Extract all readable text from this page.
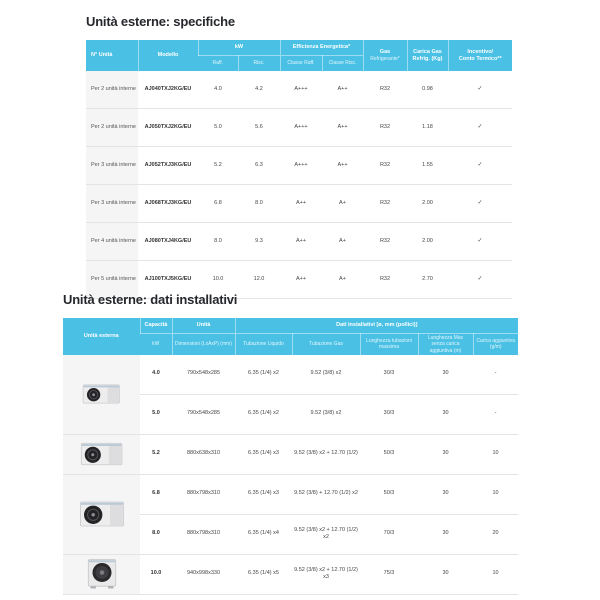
Unità esterne: specifiche
N° Unità	Modello	kW	Efficienza Energetica*	
Gas
Refrigerante*

Carica Gas
Refrig. (Kg)

Incentivo/
Conto Termico**

		Raff.	Risc.	Classe Raff.	Classe Risc.			
Per 2 unità interne	AJ040TXJ2KG/EU	4.0	4.2	A+++	A++	R32	0.98	✓
Per 2 unità interne	AJ050TXJ2KG/EU	5.0	5.6	A+++	A++	R32	1.18	✓
Per 3 unità interne	AJ052TXJ3KG/EU	5.2	6.3	A+++	A++	R32	1.55	✓
Per 3 unità interne	AJ068TXJ3KG/EU	6.8	8.0	A++	A+	R32	2.00	✓
Per 4 unità interne	AJ080TXJ4KG/EU	8.0	9.3	A++	A+	R32	2.00	✓
Per 5 unità interne	AJ100TXJ5KG/EU	10.0	12.0	A++	A+	R32	2.70	✓
Unità esterne: dati installativi
Unità esterna	Capacità	Unità	Dati installativi [ø, mm (pollici)]				
	kW	Dimensioni (LxAxP) (mm)	Tubazione Liquido	Tubazione Gas	Lunghezza tubazioni massima	Lunghezza Max senza carica aggiuntiva (m)	Carica aggiuntiva (g/m)

	4.0	790x548x285	6.35 (1/4) x2	9.52 (3/8) x2	30/3	30	-
	5.0	790x548x285	6.35 (1/4) x2	9.52 (3/8) x2	30/3	30	-

	5.2	880x638x310	6.35 (1/4) x3	9.52 (3/8) x2 + 12.70 (1/2)	50/3	30	10

	6.8	880x798x310	6.35 (1/4) x3	9.52 (3/8) + 12.70 (1/2) x2	50/3	30	10
	8.0	880x798x310	6.35 (1/4) x4	9.52 (3/8) x2 + 12.70 (1/2) x2	70/3	30	20

	10.0	940x998x330	6.35 (1/4) x5	9.52 (3/8) x2 + 12.70 (1/2) x3	75/3	30	10
